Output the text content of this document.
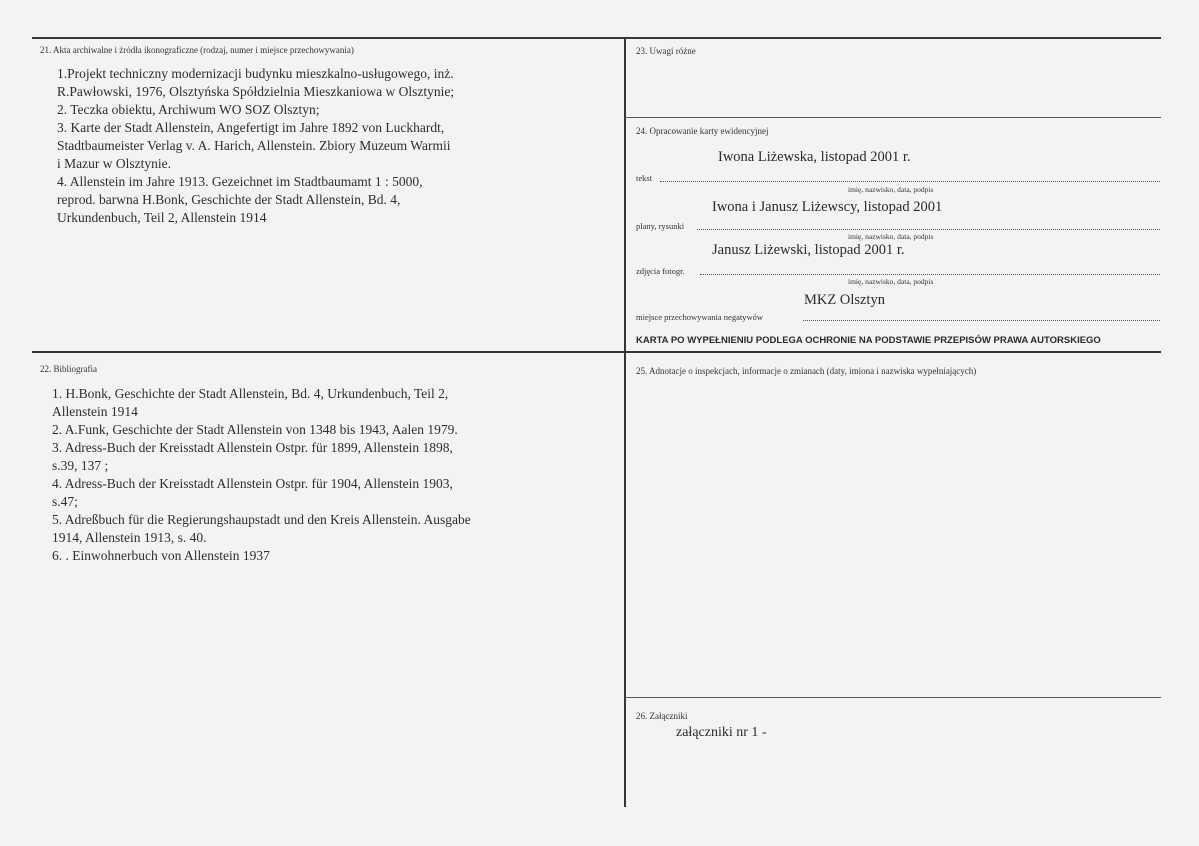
21. Akta archiwalne i źródła ikonograficzne (rodzaj, numer i miejsce przechowywania)
1.Projekt techniczny modernizacji budynku mieszkalno-usługowego, inż.
R.Pawłowski, 1976, Olsztyńska Spółdzielnia Mieszkaniowa w Olsztynie;
2. Teczka obiektu, Archiwum WO SOZ Olsztyn;
3. Karte der Stadt Allenstein, Angefertigt im Jahre 1892 von Luckhardt,
Stadtbaumeister Verlag v. A. Harich, Allenstein. Zbiory Muzeum Warmii
i Mazur w Olsztynie.
4. Allenstein im Jahre 1913. Gezeichnet im Stadtbaumamt 1 : 5000,
reprod. barwna H.Bonk, Geschichte der Stadt Allenstein, Bd. 4,
Urkundenbuch, Teil 2, Allenstein 1914
22. Bibliografia
1. H.Bonk, Geschichte der Stadt Allenstein, Bd. 4, Urkundenbuch, Teil 2,
Allenstein 1914
2. A.Funk, Geschichte der Stadt Allenstein von 1348 bis 1943, Aalen 1979.
3. Adress-Buch der Kreisstadt Allenstein Ostpr. für 1899, Allenstein 1898,
s.39, 137 ;
4. Adress-Buch der Kreisstadt Allenstein Ostpr. für 1904, Allenstein 1903,
s.47;
5. Adreßbuch für die Regierungshaupstadt und den Kreis Allenstein. Ausgabe
1914, Allenstein 1913, s. 40.
6. . Einwohnerbuch von Allenstein 1937
23. Uwagi różne
24. Opracowanie karty ewidencyjnej
Iwona Liżewska, listopad 2001 r.
tekst
imię, nazwisko, data, podpis
Iwona i Janusz Liżewscy, listopad 2001
plany, rysunki
imię, nazwisko, data, podpis
Janusz Liżewski, listopad 2001 r.
zdjęcia fotogr.
imię, nazwisko, data, podpis
MKZ Olsztyn
miejsce przechowywania negatywów
KARTA PO WYPEŁNIENIU PODLEGA OCHRONIE NA PODSTAWIE PRZEPISÓW PRAWA AUTORSKIEGO
25. Adnotacje o inspekcjach, informacje o zmianach (daty, imiona i nazwiska wypełniających)
26. Załączniki
załączniki nr 1 -
